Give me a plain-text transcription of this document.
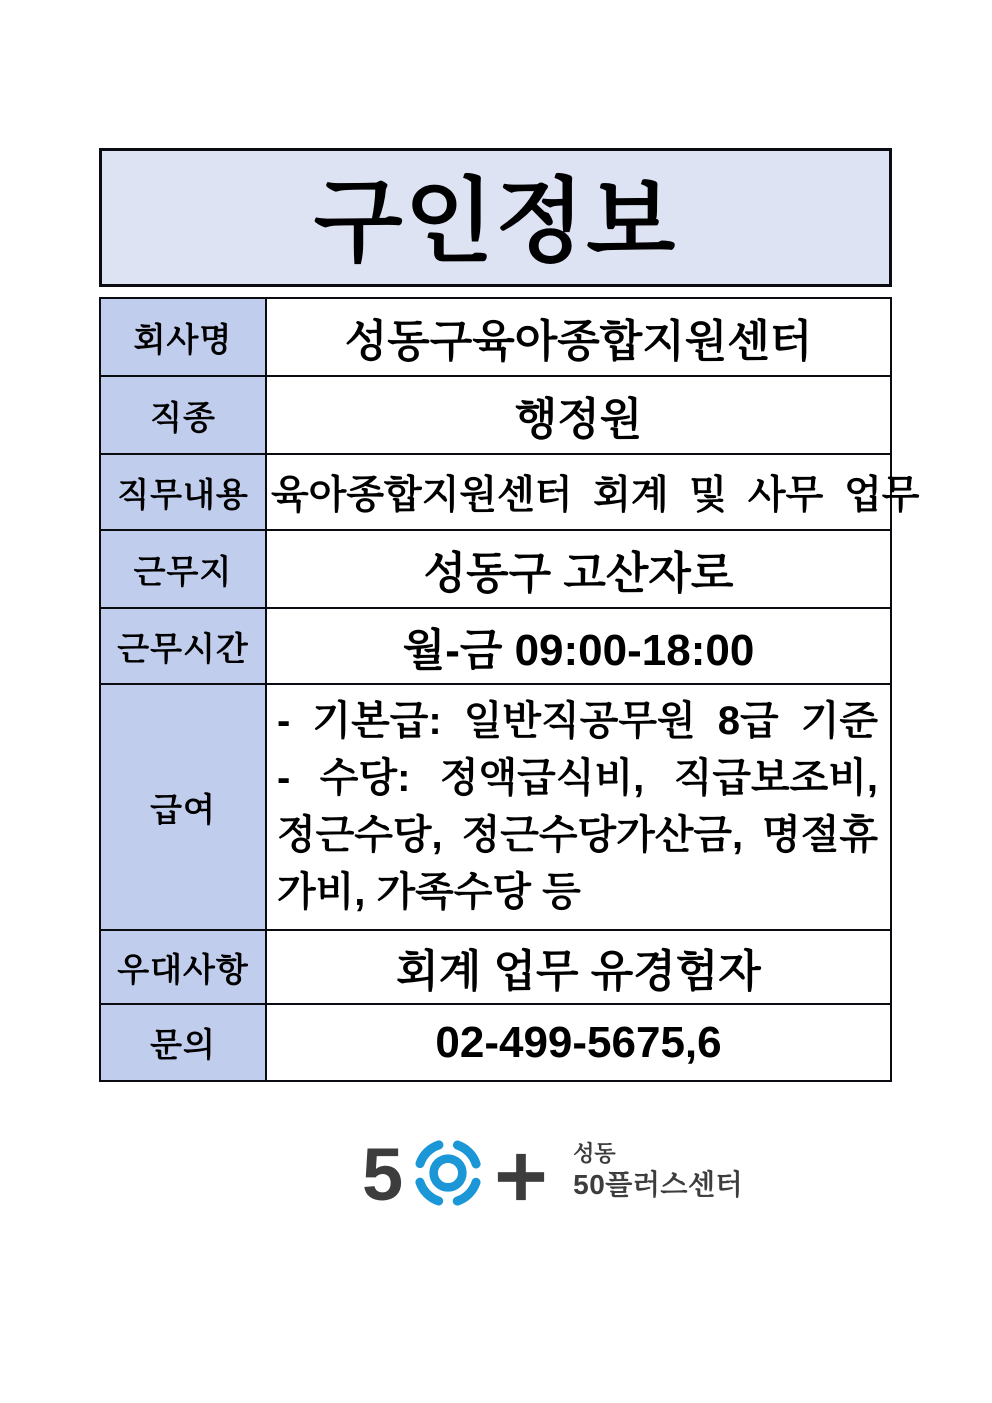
구인정보
회사명	성동구육아종합지원센터
직종	행정원
직무내용	육아종합지원센터 회계 및 사무 업무
근무지	성동구 고산자로
근무시간	월-금 09:00-18:00
급여	- 기본급: 일반직공무원 8급 기준
- 수당: 정액급식비, 직급보조비,
정근수당, 정근수당가산금, 명절휴
가비, 가족수당 등

우대사항	회계 업무 유경험자
문의	02-499-5675,6
5	성동
50플러스센터
